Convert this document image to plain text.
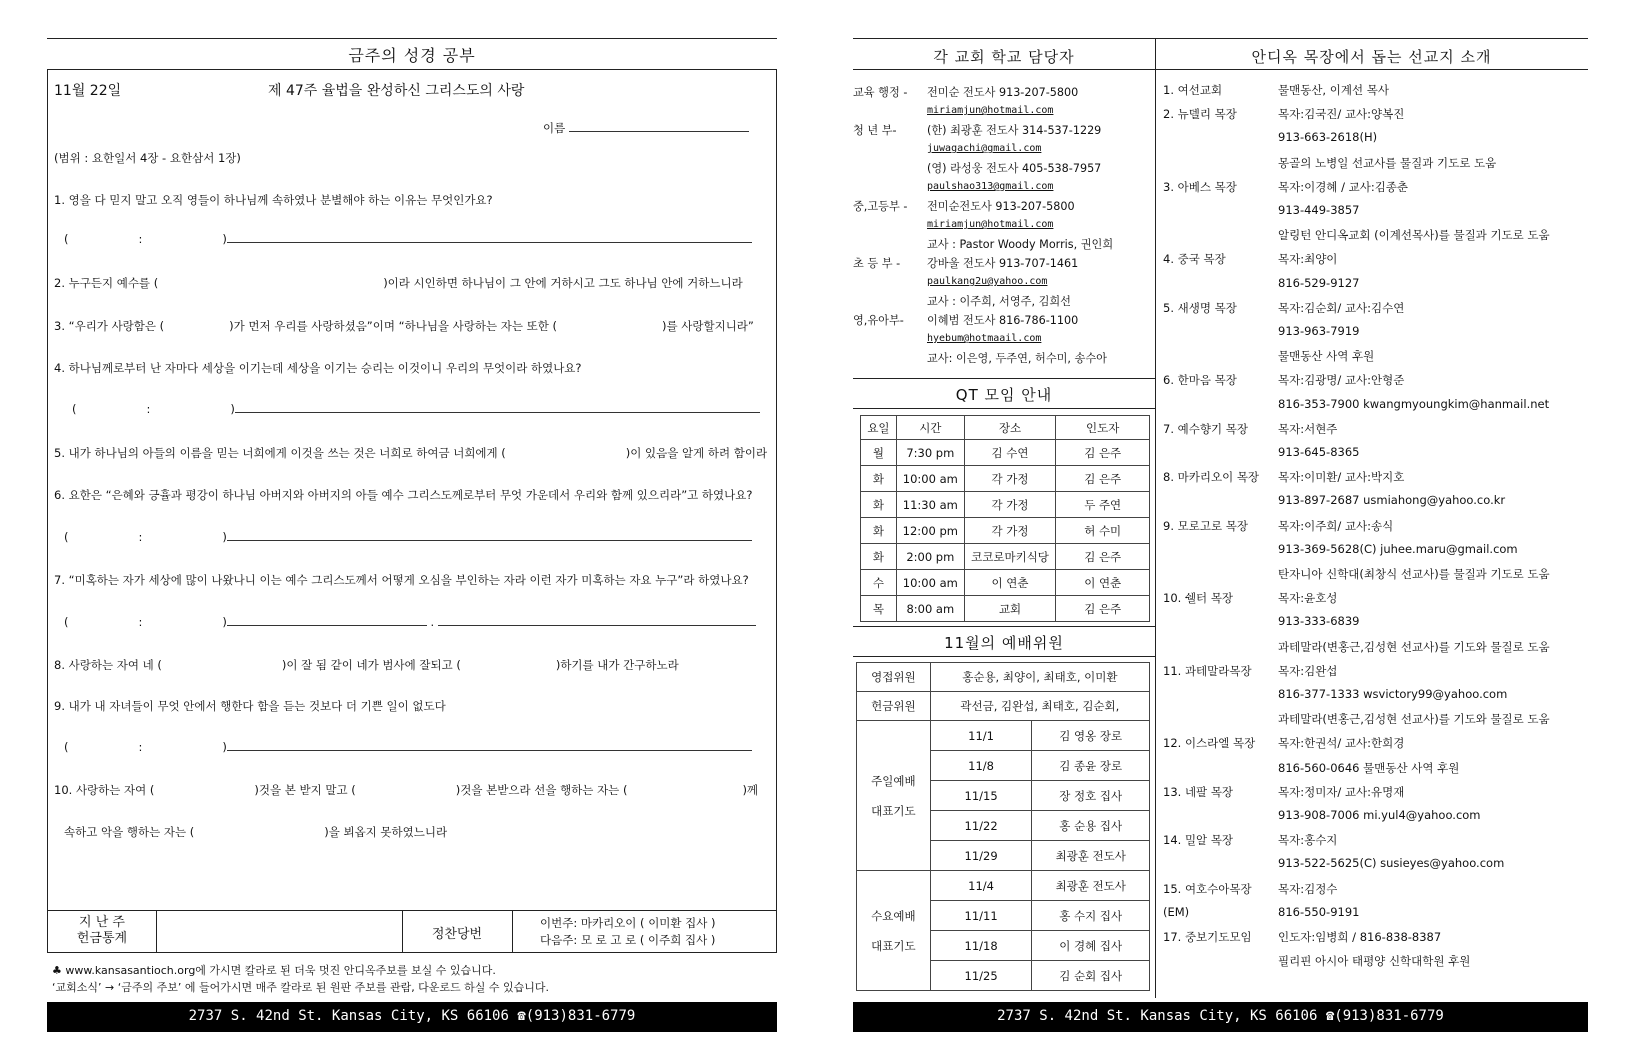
금주의 성경 공부
11월 22일	제 47주 율법을 완성하신 그리스도의 사랑
이름
(범위 : 요한일서 4장 - 요한삼서 1장)
1. 영을 다 믿지 말고 오직 영들이 하나님께 속하였나 분별해야 하는 이유는 무엇인가요?
(	:	)
2. 누구든지 예수를 (	)이라 시인하면 하나님이 그 안에 거하시고 그도 하나님 안에 거하느니라
3. “우리가 사랑함은 (	)가 먼저 우리를 사랑하셨음”이며 “하나님을 사랑하는 자는 또한 (	)를 사랑할지니라”
4. 하나님께로부터 난 자마다 세상을 이기는데 세상을 이기는 승리는 이것이니 우리의 무엇이라 하였나요?
(	:	)
5. 내가 하나님의 아들의 이름을 믿는 너희에게 이것을 쓰는 것은 너희로 하여금 너희에게 (	)이 있음을 알게 하려 함이라
6. 요한은 “은혜와 긍휼과 평강이 하나님 아버지와 아버지의 아들 예수 그리스도께로부터 무엇 가운데서 우리와 함께 있으리라”고 하였나요?
(	:	)
7. “미혹하는 자가 세상에 많이 나왔나니 이는 예수 그리스도께서 어떻게 오심을 부인하는 자라 이런 자가 미혹하는 자요 누구”라 하였나요?
(	:	)	.
8. 사랑하는 자여 네 (	)이 잘 됨 같이 네가 범사에 잘되고 (	)하기를 내가 간구하노라
9. 내가 내 자녀들이 무엇 안에서 행한다 함을 듣는 것보다 더 기쁜 일이 없도다
(	:	)
10. 사랑하는 자여 (	)것을 본 받지 말고 (	)것을 본받으라 선을 행하는 자는 (	)께
속하고 악을 행하는 자는 (	)을 뵈옵지 못하였느니라
지 난 주
헌금통계	정찬당번
이번주: 마카리오이 ( 이미환 집사 )
다음주: 모 로 고 로 ( 이주희 집사 )
♣ www.kansasantioch.org에 가시면 칼라로 된 더욱 멋진 안디옥주보를 보실 수 있습니다.
‘교회소식’ → ‘금주의 주보’ 에 들어가시면 매주 칼라로 된 원판 주보를 관람, 다운로드 하실 수 있습니다.
2737 S. 42nd St. Kansas City, KS 66106 ☎(913)831-6779
각 교회 학교 담당자	안디옥 목장에서 돕는 선교지 소개
교육 행정 - 전미순 전도사 913-207-5800
miriamjun@hotmail.com
청 년 부-	(한) 최광훈 전도사 314-537-1229
juwagachi@gmail.com
(영) 라성웅 전도사 405-538-7957
paulshao313@gmail.com
중,고등부 - 전미순전도사 913-207-5800
miriamjun@hotmail.com
교사 : Pastor Woody Morris, 권인희
초 등 부 - 강바울 전도사 913-707-1461
paulkang2u@yahoo.com
교사 : 이주희, 서영주, 김희선
영,유아부- 이혜범 전도사 816-786-1100
hyebum@hotmaail.com
교사: 이은영, 두주연, 허수미, 송수아
QT 모임 안내
요일	시간	장소	인도자
월	7:30 pm	김 수연	김 은주
화	10:00 am	각 가정	김 은주
화	11:30 am	각 가정	두 주연
화	12:00 pm	각 가정	허 수미
화	2:00 pm	코코로마키식당	김 은주
수	10:00 am	이 연춘	이 연춘
목	8:00 am	교회	김 은주
11월의 예배위원
영접위원	홍순용, 최양이, 최태호, 이미환	
헌금위원	곽선금, 김완섭, 최태호, 김순회,	

주일예배
대표기도	11/1	김 영옹 장로
	11/8	김 종윤 장로
	11/15	장 정호 집사
	11/22	홍 순용 집사
	11/29	최광훈 전도사

수요예배
대표기도	11/4	최광훈 전도사
	11/11	홍 수지 집사
	11/18	이 경혜 집사
	11/25	김 순회 집사
1. 여선교회	물맨동산, 이계선 목사
2. 뉴델리 목장	목자:김국진/ 교사:양복진
913-663-2618(H)
몽골의 노병일 선교사를 물질과 기도로 도움
3. 아베스 목장	목자:이경혜 / 교사:김종춘
913-449-3857
알링턴 안디옥교회 (이계선목사)를 물질과 기도로 도움
4. 중국 목장	목자:최양이
816-529-9127
5. 새생명 목장	목자:김순회/ 교사:김수연
913-963-7919
물맨동산 사역 후원
6. 한마음 목장	목자:김광명/ 교사:안형준
816-353-7900 kwangmyoungkim@hanmail.net
7. 예수향기 목장	목자:서현주
913-645-8365
8. 마카리오이 목장 목자:이미환/ 교사:박지호
913-897-2687 usmiahong@yahoo.co.kr
9. 모로고로 목장	목자:이주희/ 교사:송식
913-369-5628(C) juhee.maru@gmail.com
탄자니아 신학대(최창식 선교사)를 물질과 기도로 도움
10. 쉘터 목장	목자:윤호성
913-333-6839
과테말라(변홍근,김성현 선교사)를 기도와 물질로 도움
11. 과테말라목장 목자:김완섭
816-377-1333 wsvictory99@yahoo.com
과테말라(변홍근,김성현 선교사)를 기도와 물질로 도움
12. 이스라엘 목장 목자:한권석/ 교사:한희경
816-560-0646 물맨동산 사역 후원
13. 네팔 목장	목자:정미자/ 교사:유명재
913-908-7006 mi.yul4@yahoo.com
14. 밀알 목장	목자:홍수지
913-522-5625(C) susieyes@yahoo.com
15. 여호수아목장 목자:김정수
(EM)	816-550-9191
17. 중보기도모임 인도자:임병희 / 816-838-8387
필리핀 아시아 태평양 신학대학원 후원
2737 S. 42nd St. Kansas City, KS 66106 ☎(913)831-6779
